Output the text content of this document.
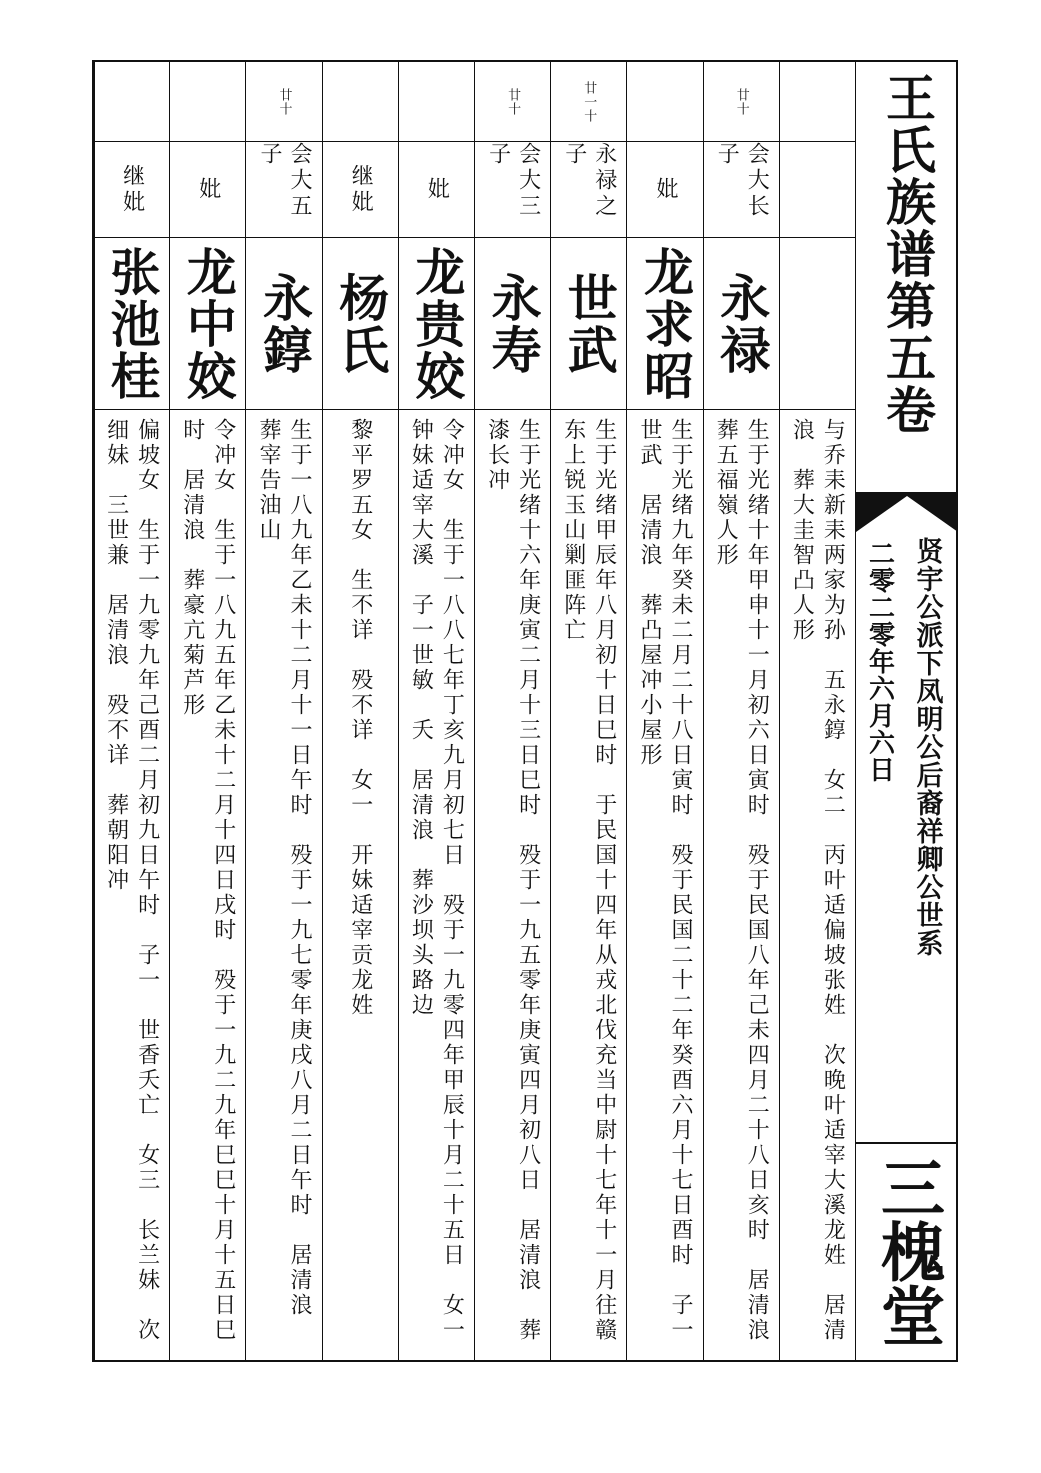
王氏族谱第五卷
贤宇公派下凤明公后裔祥卿公世系
二零二零年六月六日
三槐堂
与乔耒新耒两家为孙　五永錞　女二　丙叶适偏坡张姓　次晚叶适宰大溪龙姓　居清浪　葬大圭智凸人形
廿十
会大长子
永禄
生于光绪十年甲申十一月初六日寅时　殁于民国八年己未四月二十八日亥时　居清浪　葬五福嶺人形
妣
龙求昭
生于光绪九年癸未二月二十八日寅时　殁于民国二十二年癸酉六月十七日酉时　子一　世武　居清浪　葬凸屋冲小屋形
廿一十
永禄之子
世武
生于光绪甲辰年八月初十日巳时　于民国十四年从戎北伐充当中尉十七年十一月往赣东上锐玉山剿匪阵亡
廿十
会大三子
永寿
生于光绪十六年庚寅二月十三日巳时　殁于一九五零年庚寅四月初八日　居清浪　葬漆长冲
妣
龙贵姣
令冲女　生于一八八七年丁亥九月初七日　殁于一九零四年甲辰十月二十五日　女一钟妹适宰大溪　子一世敏　夭　居清浪　葬沙坝头路边
继妣
杨氏
黎平罗五女　生不详　殁不详　女一　开妹适宰贡龙姓
廿十
会大五子
永錞
生于一八九年乙未十二月十一日午时　殁于一九七零年庚戌八月二日午时　居清浪　葬宰告油山
妣
龙中姣
令冲女　生于一八九五年乙未十二月十四日戌时　殁于一九二九年巳巳十月十五日巳时　居清浪　葬豪亢菊芦形
继妣
张池桂
偏坡女　生于一九零九年己酉二月初九日午时　子一　世香夭亡　女三　长兰妹　次细妹　三世兼　居清浪　殁不详　葬朝阳冲
